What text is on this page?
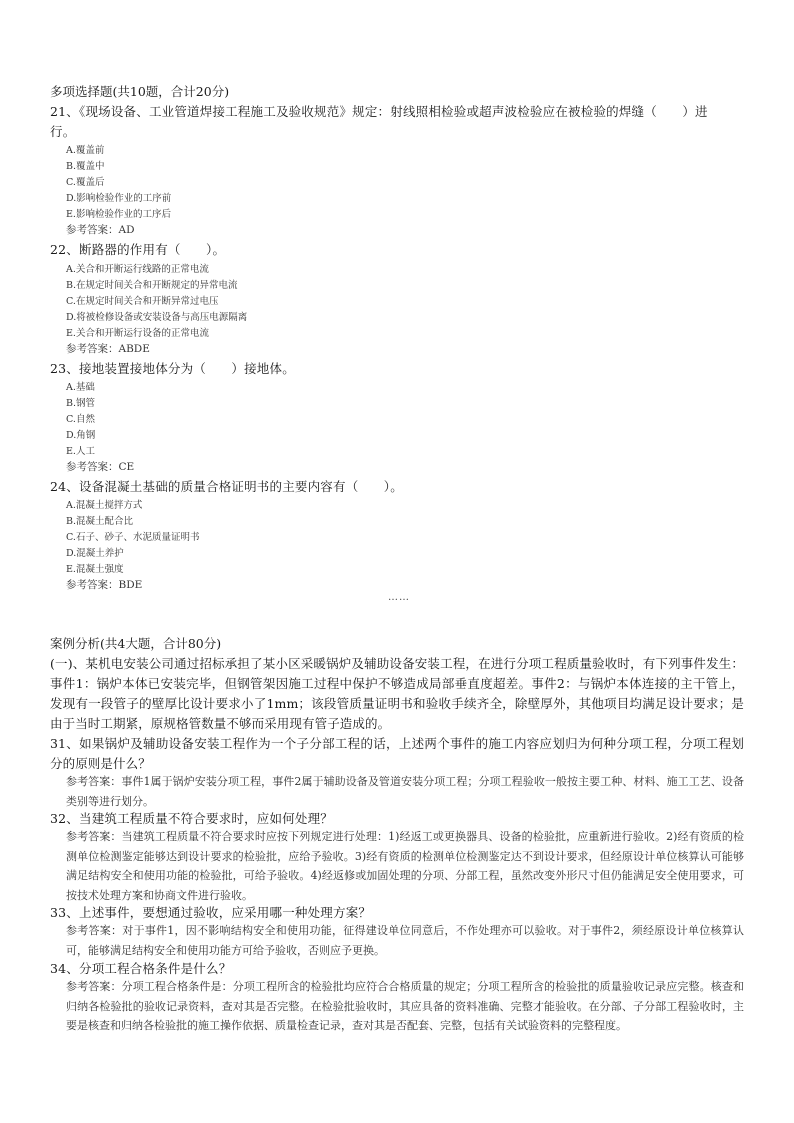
多项选择题(共10题，合计20分)
21、《现场设备、工业管道焊接工程施工及验收规范》规定：射线照相检验或超声波检验应在被检验的焊缝（　　）进
行。
A.覆盖前
B.覆盖中
C.覆盖后
D.影响检验作业的工序前
E.影响检验作业的工序后
参考答案：AD
22、断路器的作用有（　　）。
A.关合和开断运行线路的正常电流
B.在规定时间关合和开断规定的异常电流
C.在规定时间关合和开断异常过电压
D.将被检修设备或安装设备与高压电源隔离
E.关合和开断运行设备的正常电流
参考答案：ABDE
23、接地装置接地体分为（　　）接地体。
A.基础
B.钢管
C.自然
D.角钢
E.人工
参考答案：CE
24、设备混凝土基础的质量合格证明书的主要内容有（　　）。
A.混凝土搅拌方式
B.混凝土配合比
C.石子、砂子、水泥质量证明书
D.混凝土养护
E.混凝土强度
参考答案：BDE
……
案例分析(共4大题，合计80分)
(一)、某机电安装公司通过招标承担了某小区采暖锅炉及辅助设备安装工程，在进行分项工程质量验收时，有下列事件发生：事件1：锅炉本体已安装完毕，但钢管架因施工过程中保护不够造成局部垂直度超差。事件2：与锅炉本体连接的主干管上，发现有一段管子的壁厚比设计要求小了1mm；该段管质量证明书和验收手续齐全，除壁厚外，其他项目均满足设计要求；是由于当时工期紧，原规格管数量不够而采用现有管子造成的。
31、如果锅炉及辅助设备安装工程作为一个子分部工程的话，上述两个事件的施工内容应划归为何种分项工程，分项工程划分的原则是什么？
参考答案：事件1属于锅炉安装分项工程，事件2属于辅助设备及管道安装分项工程；分项工程验收一般按主要工种、材料、施工工艺、设备类别等进行划分。
32、当建筑工程质量不符合要求时，应如何处理？
参考答案：当建筑工程质量不符合要求时应按下列规定进行处理：1)经返工或更换器具、设备的检验批，应重新进行验收。2)经有资质的检测单位检测鉴定能够达到设计要求的检验批，应给予验收。3)经有资质的检测单位检测鉴定达不到设计要求，但经原设计单位核算认可能够满足结构安全和使用功能的检验批，可给予验收。4)经返修或加固处理的分项、分部工程，虽然改变外形尺寸但仍能满足安全使用要求，可按技术处理方案和协商文件进行验收。
33、上述事件，要想通过验收，应采用哪一种处理方案？
参考答案：对于事件1，因不影响结构安全和使用功能，征得建设单位同意后，不作处理亦可以验收。对于事件2，须经原设计单位核算认可，能够满足结构安全和使用功能方可给予验收，否则应予更换。
34、分项工程合格条件是什么？
参考答案：分项工程合格条件是：分项工程所含的检验批均应符合合格质量的规定；分项工程所含的检验批的质量验收记录应完整。核查和归纳各检验批的验收记录资料，查对其是否完整。在检验批验收时，其应具备的资料准确、完整才能验收。在分部、子分部工程验收时，主要是核查和归纳各检验批的施工操作依据、质量检查记录，查对其是否配套、完整，包括有关试验资料的完整程度。
